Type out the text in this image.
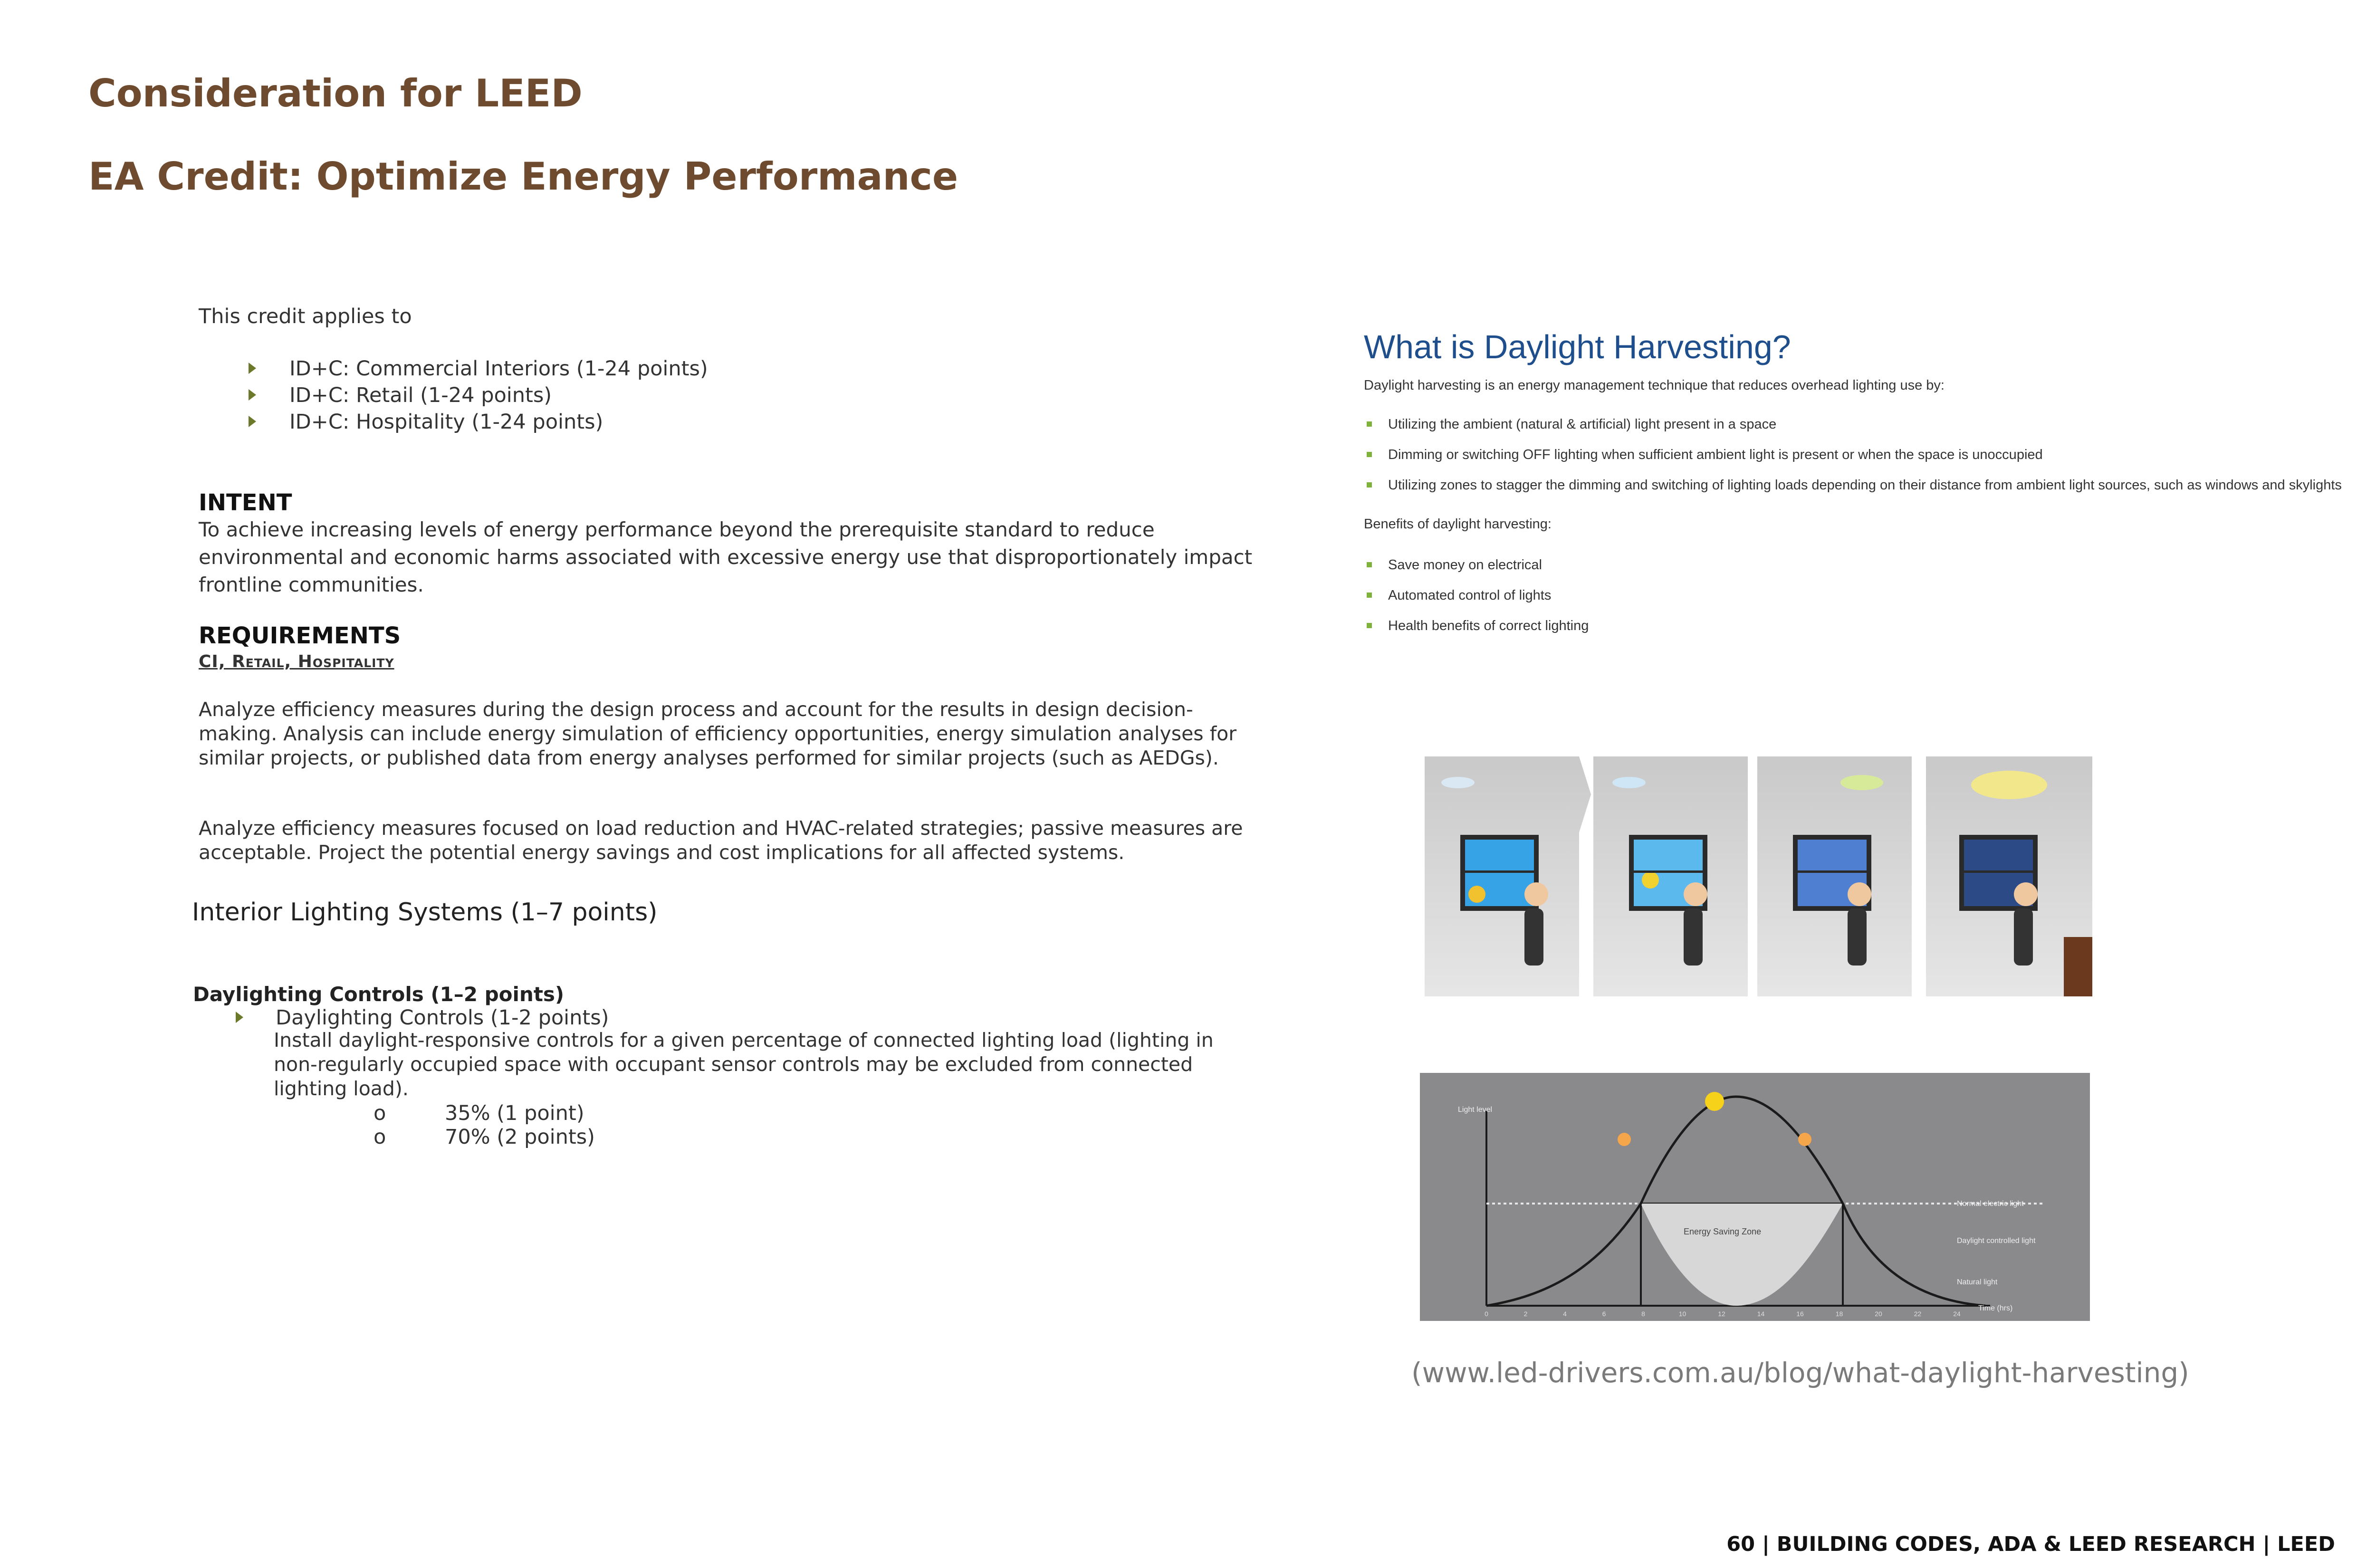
Consideration for LEED
EA Credit: Optimize Energy Performance
This credit applies to
ID+C: Commercial Interiors (1-24 points)
ID+C: Retail (1-24 points)
ID+C: Hospitality (1-24 points)
INTENT
To achieve increasing levels of energy performance beyond the prerequisite standard to reduce environmental and economic harms associated with excessive energy use that disproportionately impact frontline communities.
REQUIREMENTS
CI, Retail, Hospitality
Analyze efficiency measures during the design process and account for the results in design decision-making. Analysis can include energy simulation of efficiency opportunities, energy simulation analyses for similar projects, or published data from energy analyses performed for similar projects (such as AEDGs).
Analyze efficiency measures focused on load reduction and HVAC-related strategies; passive measures are acceptable. Project the potential energy savings and cost implications for all affected systems.
Interior Lighting Systems (1–7 points)
Daylighting Controls (1–2 points)
Daylighting Controls (1-2 points)
Install daylight-responsive controls for a given percentage of connected lighting load (lighting in non-regularly occupied space with occupant sensor controls may be excluded from connected lighting load).
o	35% (1 point)
o	70% (2 points)
What is Daylight Harvesting?
Daylight harvesting is an energy management technique that reduces overhead lighting use by:
Utilizing the ambient (natural & artificial) light present in a space
Dimming or switching OFF lighting when sufficient ambient light is present or when the space is unoccupied
Utilizing zones to stagger the dimming and switching of lighting loads depending on their distance from ambient light sources, such as windows and skylights
Benefits of daylight harvesting:
Save money on electrical
Automated control of lights
Health benefits of correct lighting
Light level
Energy Saving Zone
Normal electric light
Daylight controlled light
Natural light
Time (hrs)
0	2	4	6	8	10	12	14	16	18	20	22	24
(www.led-drivers.com.au/blog/what-daylight-harvesting)
60 | BUILDING CODES, ADA & LEED RESEARCH | LEED
